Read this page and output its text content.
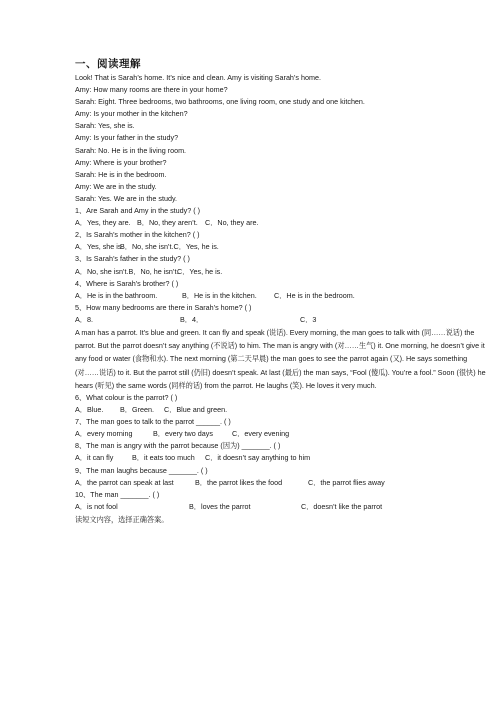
一、阅读理解
Look! That is Sarah’s home. It’s nice and clean. Amy is visiting Sarah’s home.
Amy: How many rooms are there in your home?
Sarah: Eight. Three bedrooms, two bathrooms, one living room, one study and one kitchen.
Amy: Is your mother in the kitchen?
Sarah: Yes, she is.
Amy: Is your father in the study?
Sarah: No. He is in the living room.
Amy: Where is your brother?
Sarah: He is in the bedroom.
Amy: We are in the study.
Sarah: Yes. We are in the study.
1、Are Sarah and Amy in the study? ( )
A．Yes, they are. B．No, they aren’t.	C．No, they are.
2、Is Sarah’s mother in the kitchen? ( )
A．Yes, she is.
B．No, she isn’t.C．Yes, he is.
3、Is Sarah’s father in the study? ( )
A．No, she isn’t.B．No, he isn’t.
C．Yes, he is.
4、Where is Sarah’s brother? ( )
A．He is in the bathroom.	B．He is in the kitchen.	C．He is in the bedroom.
5、How many bedrooms are there in Sarah’s home? ( )
A．8.	B．4．	C．3
A man has a parrot. It’s blue and green. It can fly and speak (说话). Every morning, the man goes to talk with (同……说话) the parrot. But the parrot doesn’t say anything (不说话) to him. The man is angry with (对……生气) it. One morning, he doesn’t give it any food or water (食物和水). The next morning (第二天早晨) the man goes to see the parrot again (又). He says something (对……说话) to it. But the parrot still (仍旧) doesn’t speak. At last (最后) the man says, “Fool (傻瓜). You’re a fool.” Soon (很快) he hears (听见) the same words (同样的话) from the parrot. He laughs (笑). He loves it very much.
6、What colour is the parrot? ( )
A．Blue.	B．Green.	C．Blue and green.
7、The man goes to talk to the parrot ______. ( )
A．every morning	B．every two days	C．every evening
8、The man is angry with the parrot because (因为) _______. ( )
A．it can fly	B．it eats too much	C．it doesn’t say anything to him
9、The man laughs because _______. ( )
A．the parrot can speak at last	B．the parrot likes the food	C．the parrot flies away
10、The man _______. ( )
A．is not fool	B．loves the parrot	C．doesn’t like the parrot
读短文内容，选择正确答案。
